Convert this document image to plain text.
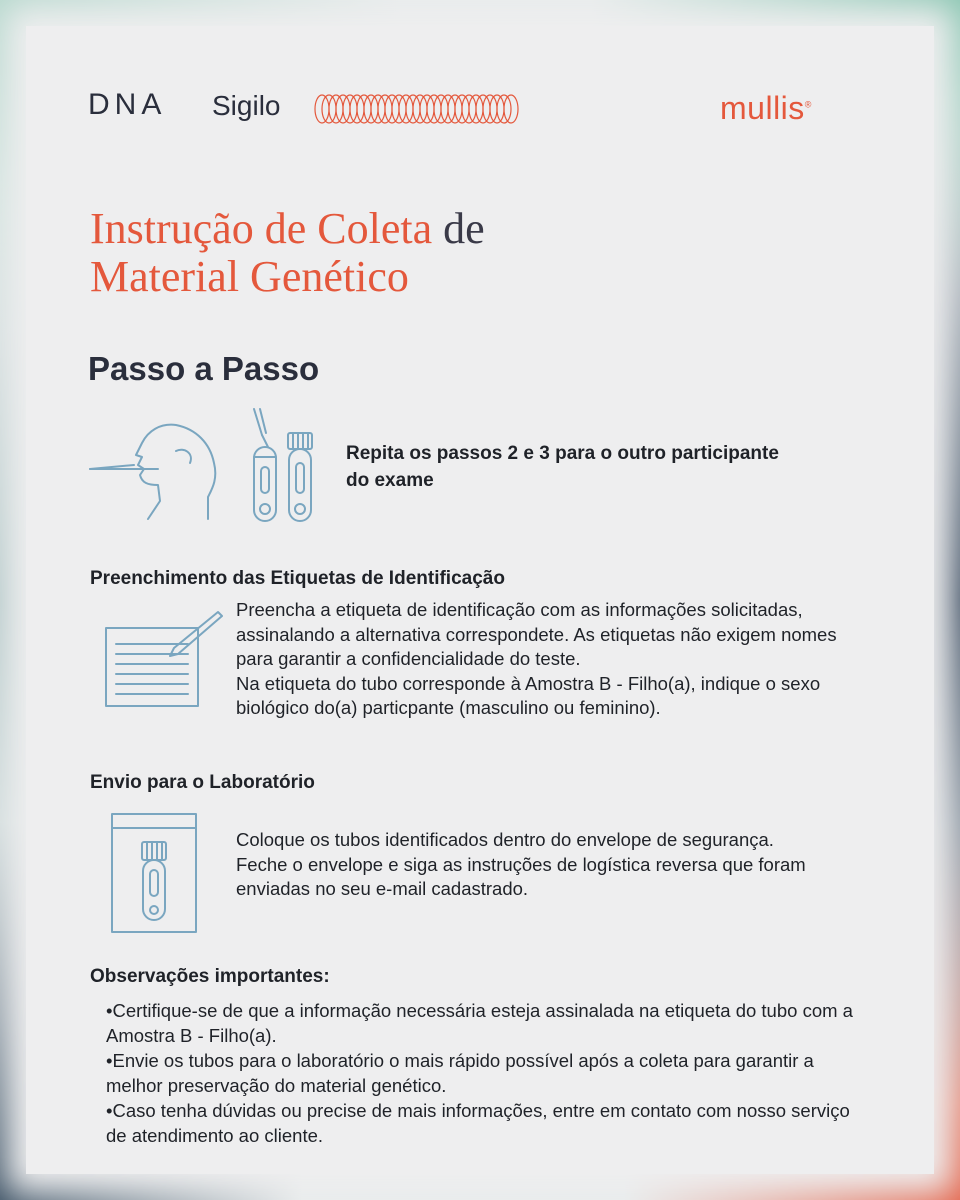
DNA Sigilo	mullis®
Instrução de Coleta de
Material Genético
Passo a Passo
Repita os passos 2 e 3 para o outro participante do exame
Preenchimento das Etiquetas de Identificação

Preencha a etiqueta de identificação com as informações solicitadas, assinalando a alternativa correspondete. As etiquetas não exigem nomes para garantir a confidencialidade do teste.

Na etiqueta do tubo corresponde à Amostra B - Filho(a), indique o sexo biológico do(a) particpante (masculino ou feminino).

Envio para o Laboratório

Coloque os tubos identificados dentro do envelope de segurança.

Feche o envelope e siga as instruções de logística reversa que foram enviadas no seu e-mail cadastrado.

Observações importantes:

• Certifique-se de que a informação necessária esteja assinalada na etiqueta do tubo com a Amostra B - Filho(a).

• Envie os tubos para o laboratório o mais rápido possível após a coleta para garantir a melhor preservação do material genético.

• Caso tenha dúvidas ou precise de mais informações, entre em contato com nosso serviço de atendimento ao cliente.
